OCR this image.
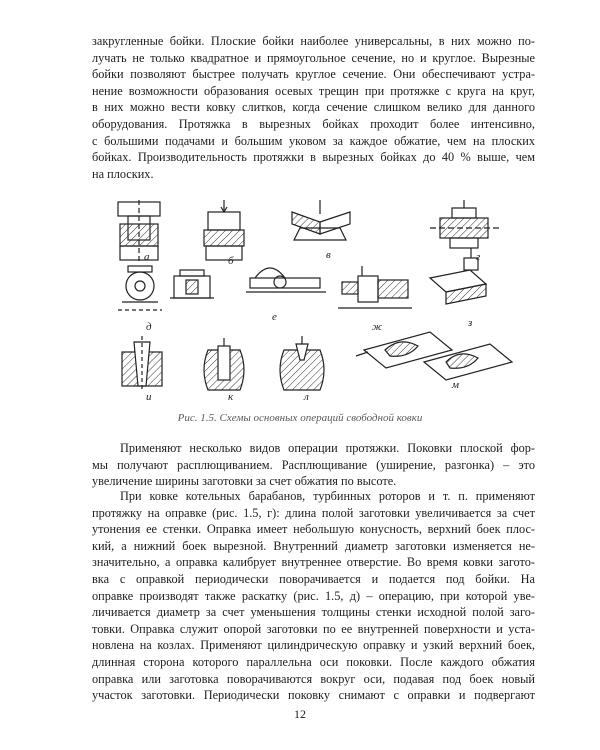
закругленные бойки. Плоские бойки наиболее универсальны, в них можно по-
лучать не только квадратное и прямоугольное сечение, но и круглое. Вырезные
бойки позволяют быстрее получать круглое сечение. Они обеспечивают устра-
нение возможности образования осевых трещин при протяжке с круга на круг,
в них можно вести ковку слитков, когда сечение слишком велико для данного
оборудования. Протяжка в вырезных бойках проходит более интенсивно,
с большими подачами и большим уковом за каждое обжатие, чем на плоских
бойках. Производительность протяжки в вырезных бойках до 40 % выше, чем
на плоских.

а	б	в	г
д
е
ж	з
и	к	л
м
Рис. 1.5. Схемы основных операций свободной ковки

Применяют несколько видов операции протяжки. Поковки плоской фор-
мы получают расплющиванием. Расплющивание (уширение, разгонка) – это
увеличение ширины заготовки за счет обжатия по высоте.

При ковке котельных барабанов, турбинных роторов и т. п. применяют
протяжку на оправке (рис. 1.5, г): длина полой заготовки увеличивается за счет
утонения ее стенки. Оправка имеет небольшую конусность, верхний боек плос-
кий, а нижний боек вырезной. Внутренний диаметр заготовки изменяется не-
значительно, а оправка калибрует внутреннее отверстие. Во время ковки загото-
вка с оправкой периодически поворачивается и подается под бойки. На
оправке производят также раскатку (рис. 1.5, д) – операцию, при которой уве-
личивается диаметр за счет уменьшения толщины стенки исходной полой заго-
товки. Оправка служит опорой заготовки по ее внутренней поверхности и уста-
новлена на козлах. Применяют цилиндрическую оправку и узкий верхний боек,
длинная сторона которого параллельна оси поковки. После каждого обжатия
оправка или заготовка поворачиваются вокруг оси, подавая под боек новый
участок заготовки. Периодически поковку снимают с оправки и подвергают

12
